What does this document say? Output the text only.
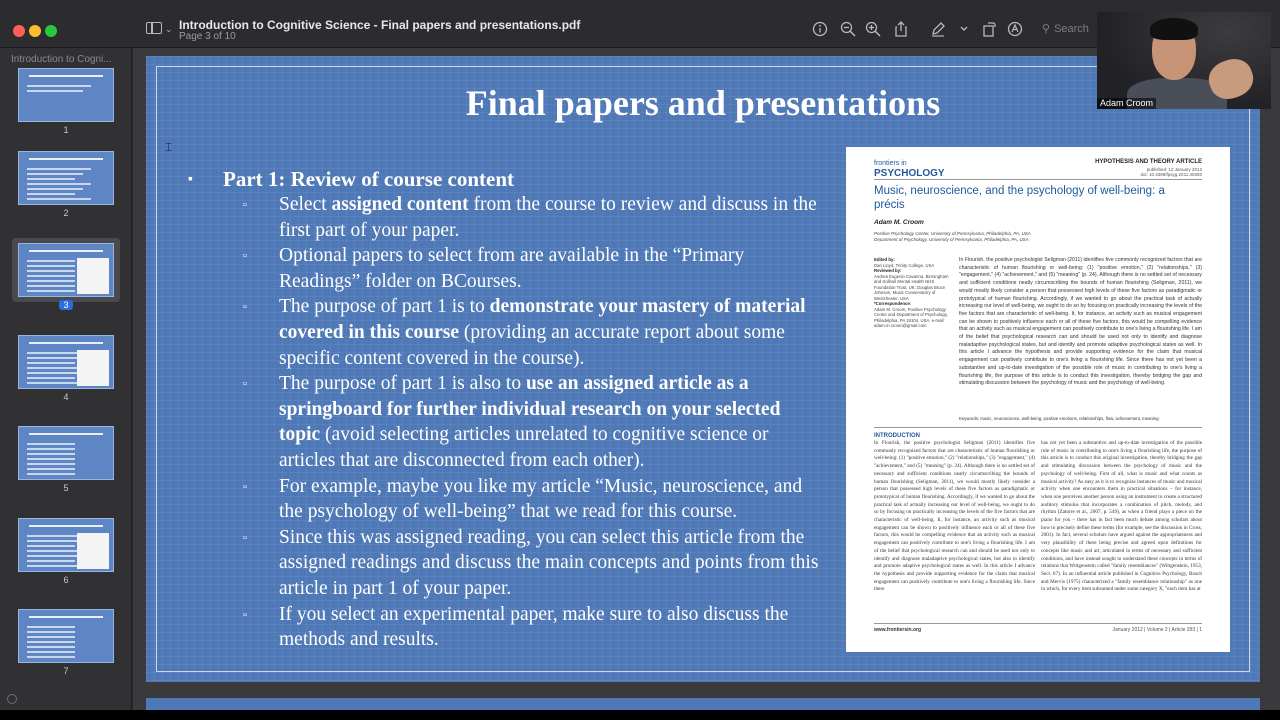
⌄ Introduction to Cognitive Science - Final papers and presentations.pdf
Page 3 of 10
⚲ Search
Introduction to Cogni...
1
2
3
4
5
6
7
Final papers and presentations
▪ Part 1: Review of course content
▫ Select assigned content from the course to review and discuss in the first part of your paper.
▫ Optional papers to select from are available in the “Primary Readings” folder on BCourses.
▫ The purpose of part 1 is to demonstrate your mastery of material covered in this course (providing an accurate report about some specific content covered in the course).
▫ The purpose of part 1 is also to use an assigned article as a springboard for further individual research on your selected topic (avoid selecting articles unrelated to cognitive science or articles that are disconnected from each other).
▫ For example, maybe you like my article “Music, neuroscience, and the psychology of well-being” that we read for this course.
▫ Since this was assigned reading, you can select this article from the assigned readings and discuss the main concepts and points from this article in part 1 of your paper.
▫ If you select an experimental paper, make sure to also discuss the methods and results.
frontiers in
PSYCHOLOGY
HYPOTHESIS AND THEORY ARTICLE
published: 12 January 2012
doi: 10.3389/fpsyg.2011.00393
Music, neuroscience, and the psychology of well-being: a précis
Adam M. Croom
Positive Psychology Center, University of Pennsylvania, Philadelphia, PA, USA
Department of Psychology, University of Pennsylvania, Philadelphia, PA, USA
Edited by:
Dan Lloyd, Trinity College, USA
Reviewed by:
Andrea Eugenio Cavanna, Birmingham and Solihull Mental Health NHS Foundation Trust, UK; Douglas Bruce Johnson, Music Conservatory of Westchester, USA
*Correspondence:
Adam M. Croom, Positive Psychology Center and Department of Psychology, Philadelphia, PA 19104, USA. e-mail: adam.m.croom@gmail.com
In Flourish, the positive psychologist Seligman (2011) identifies five commonly recognized factors that are characteristic of human flourishing or well-being: (1) "positive emotion," (2) "relationships," (3) "engagement," (4) "achievement," and (5) "meaning" (p. 24). Although there is no settled set of necessary and sufficient conditions neatly circumscribing the bounds of human flourishing (Seligman, 2011), we would mostly likely consider a person that possessed high levels of these five factors as paradigmatic or prototypical of human flourishing. Accordingly, if we wanted to go about the practical task of actually increasing our level of well-being, we ought to do so by focusing on practically increasing the levels of the five factors that are characteristic of well-being. It, for instance, an activity such as musical engagement can be shown to positively influence each or all of these five factors, this would be compelling evidence that an activity such as musical engagement can positively contribute to one's living a flourishing life. I am of the belief that psychological research can and should be used not only to identify and diagnose maladaptive psychological states, but and identify and promote adaptive psychological states as well. In this article I advance the hypothesis and provide supporting evidence for the claim that musical engagement can positively contribute to one's living a flourishing life. Since there has not yet been a substantive and up-to-date investigation of the possible role of music in contributing to one's living a flourishing life, the purpose of this article is to conduct this investigation, thereby bridging the gap and stimulating discussion between the psychology of music and the psychology of well-being.
Keywords: music, neuroscience, well-being, positive emotions, relationships, flow, achievement, meaning
INTRODUCTION
In Flourish, the positive psychologist Seligman (2011) identifies five commonly recognized factors that are characteristic of human flourishing or well-being: (1) "positive emotion," (2) "relationships," (3) "engagement," (4) "achievement," and (5) "meaning" (p. 24). Although there is no settled set of necessary and sufficient conditions neatly circumscribing the bounds of human flourishing (Seligman, 2011), we would mostly likely consider a person that possessed high levels of these five factors as paradigmatic or prototypical of human flourishing. Accordingly, if we wanted to go about the practical task of actually increasing our level of well-being, we ought to do so by focusing on practically increasing the levels of the five factors that are characteristic of well-being. It, for instance, an activity such as musical engagement can be shown to positively influence each or all of these five factors, this would be compelling evidence that an activity such as musical engagement can positively contribute to one's living a flourishing life. I am of the belief that psychological research can and should be used not only to identify and diagnose maladaptive psychological states, but also to identify and promote adaptive psychological states as well. In this article I advance the hypothesis and provide supporting evidence for the claim that musical engagement can positively contribute to one's living a flourishing life. Since there
has not yet been a substantive and up-to-date investigation of the possible role of music in contributing to one's living a flourishing life, the purpose of this article is to conduct this original investigation, thereby bridging the gap and stimulating discussion between the psychology of music and the psychology of well-being. First of all, what is music and what counts as musical activity? As easy as it is to recognize instances of music and musical activity when one encounters them in practical situations – for instance, when one perceives another person using an instrument to create a structured auditory stimulus that incorporates a combination of pitch, melody, and rhythm (Zatorre et al., 2007, p. 549), as when a friend plays a piece on the piano for you – there has in fact been much debate among scholars about how to precisely define these terms (for example, see the discussion in Cross, 2001). In fact, several scholars have argued against the appropriateness and very plausibility of there being precise and agreed upon definitions for concepts like music and art, articulated in terms of necessary and sufficient conditions, and have instead sought to understand these concepts in terms of relations that Wittgenstein called "family resemblances" (Wittgenstein, 1953, Sect. 67). In an influential article published in Cognitive Psychology, Rosch and Mervis (1975) characterized a "family resemblance relationship" as one in which, for every item subsumed under some category X, "each item has at
www.frontiersin.org	January 2012 | Volume 2 | Article 393 | 1
⌶
Adam Croom
